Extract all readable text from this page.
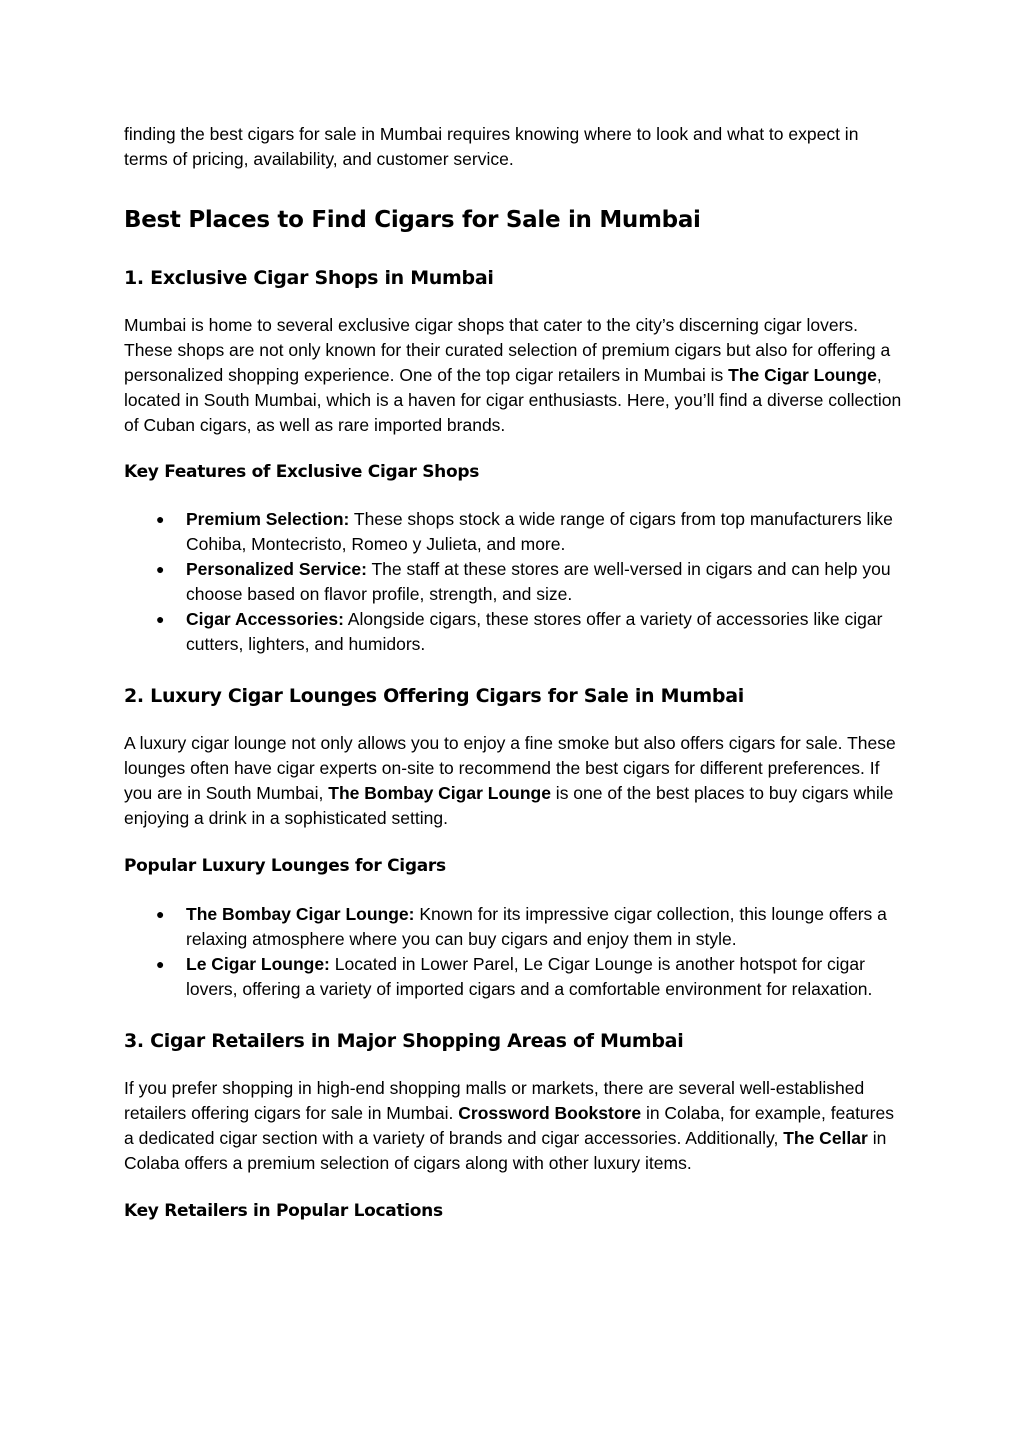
finding the best cigars for sale in Mumbai requires knowing where to look and what to expect in terms of pricing, availability, and customer service.

Best Places to Find Cigars for Sale in Mumbai
1. Exclusive Cigar Shops in Mumbai

Mumbai is home to several exclusive cigar shops that cater to the city’s discerning cigar lovers. These shops are not only known for their curated selection of premium cigars but also for offering a personalized shopping experience. One of the top cigar retailers in Mumbai is The Cigar Lounge, located in South Mumbai, which is a haven for cigar enthusiasts. Here, you’ll find a diverse collection of Cuban cigars, as well as rare imported brands.

Key Features of Exclusive Cigar Shops
● Premium Selection: These shops stock a wide range of cigars from top manufacturers like Cohiba, Montecristo, Romeo y Julieta, and more.
● Personalized Service: The staff at these stores are well-versed in cigars and can help you choose based on flavor profile, strength, and size.
● Cigar Accessories: Alongside cigars, these stores offer a variety of accessories like cigar cutters, lighters, and humidors.
2. Luxury Cigar Lounges Offering Cigars for Sale in Mumbai

A luxury cigar lounge not only allows you to enjoy a fine smoke but also offers cigars for sale. These lounges often have cigar experts on-site to recommend the best cigars for different preferences. If you are in South Mumbai, The Bombay Cigar Lounge is one of the best places to buy cigars while enjoying a drink in a sophisticated setting.

Popular Luxury Lounges for Cigars
● The Bombay Cigar Lounge: Known for its impressive cigar collection, this lounge offers a relaxing atmosphere where you can buy cigars and enjoy them in style.
● Le Cigar Lounge: Located in Lower Parel, Le Cigar Lounge is another hotspot for cigar lovers, offering a variety of imported cigars and a comfortable environment for relaxation.
3. Cigar Retailers in Major Shopping Areas of Mumbai

If you prefer shopping in high-end shopping malls or markets, there are several well-established retailers offering cigars for sale in Mumbai. Crossword Bookstore in Colaba, for example, features a dedicated cigar section with a variety of brands and cigar accessories. Additionally, The Cellar in Colaba offers a premium selection of cigars along with other luxury items.

Key Retailers in Popular Locations
